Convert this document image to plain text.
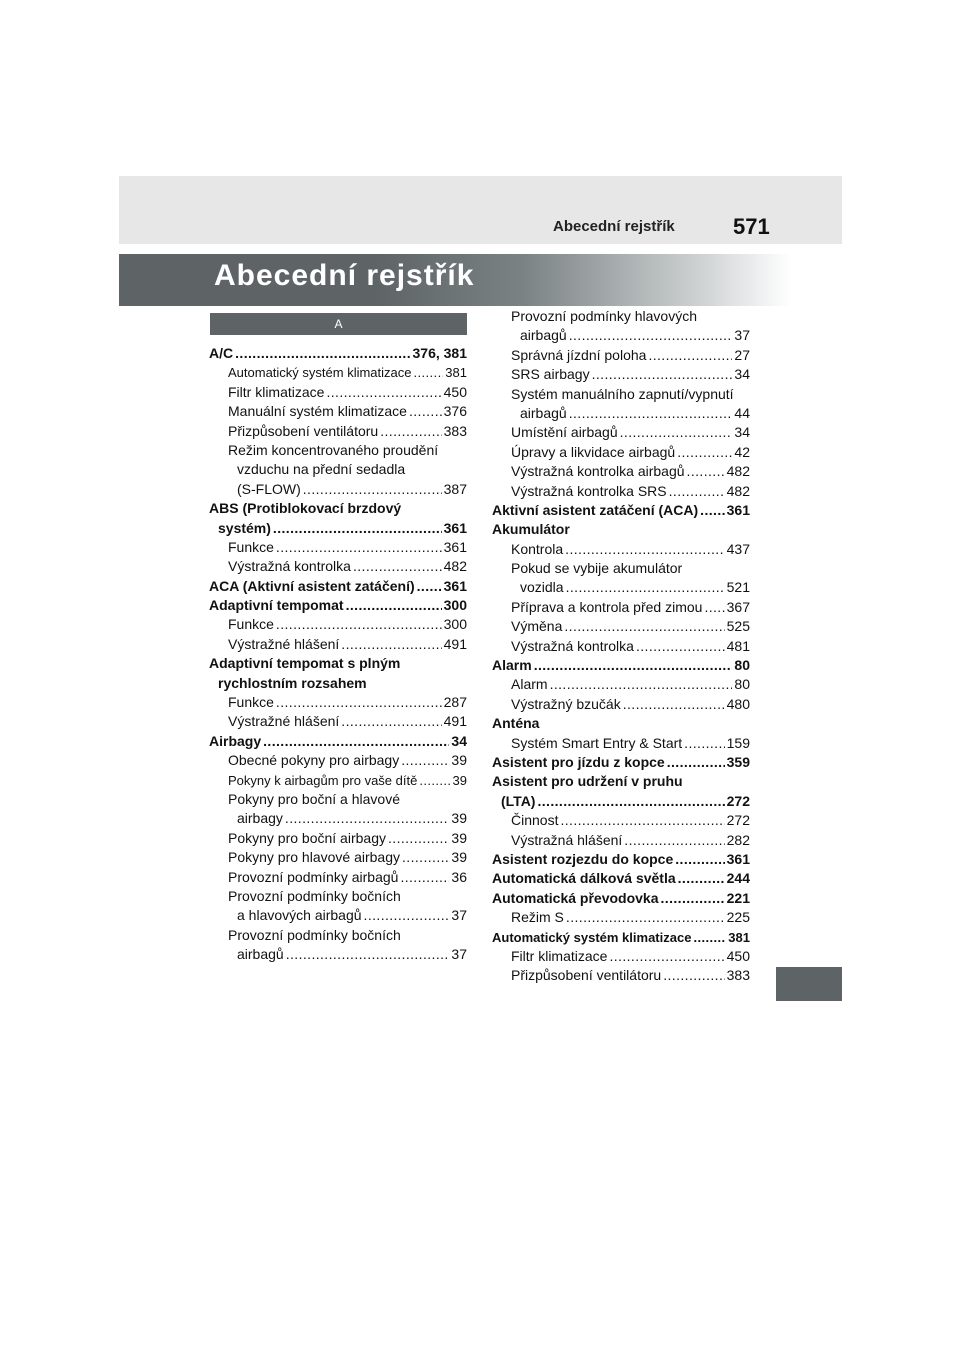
Abecední rejstřík	571
Abecední rejstřík
A
A/C .....	376, 381
Automatický systém klimatizace .....	381
Filtr klimatizace .....	450
Manuální systém klimatizace .....	376
Přizpůsobení ventilátoru .....	383
Režim koncentrovaného proudění
vzduchu na přední sedadla
(S-FLOW) .....	387
ABS (Protiblokovací brzdový
systém) .....	361
Funkce .....	361
Výstražná kontrolka .....	482
ACA (Aktivní asistent zatáčení) ..... 361
Adaptivní tempomat .....	300
Funkce .....	300
Výstražné hlášení .....	491
Adaptivní tempomat s plným
rychlostním rozsahem
Funkce .....	287
Výstražné hlášení .....	491
Airbagy .....	34
Obecné pokyny pro airbagy .....	39
Pokyny k airbagům pro vaše dítě .....	39
Pokyny pro boční a hlavové
airbagy .....	39
Pokyny pro boční airbagy .....	39
Pokyny pro hlavové airbagy .....	39
Provozní podmínky airbagů .....	36
Provozní podmínky bočních
a hlavových airbagů .....	37
Provozní podmínky bočních
airbagů .....	37
Provozní podmínky hlavových
airbagů .....	37
Správná jízdní poloha .....	27
SRS airbagy .....	34
Systém manuálního zapnutí/vypnutí
airbagů .....	44
Umístění airbagů .....	34
Úpravy a likvidace airbagů .....	42
Výstražná kontrolka airbagů .....	482
Výstražná kontrolka SRS .....	482
Aktivní asistent zatáčení (ACA) ..... 361
Akumulátor
Kontrola .....	437
Pokud se vybije akumulátor
vozidla .....	521
Příprava a kontrola před zimou ..... 367
Výměna .....	525
Výstražná kontrolka .....	481
Alarm .....	80
Alarm .....	80
Výstražný bzučák .....	480
Anténa
Systém Smart Entry & Start .....	159
Asistent pro jízdu z kopce .....	359
Asistent pro udržení v pruhu
(LTA) .....	272
Činnost .....	272
Výstražná hlášení .....	282
Asistent rozjezdu do kopce .....	361
Automatická dálková světla .....	244
Automatická převodovka .....	221
Režim S .....	225
Automatický systém klimatizace .....	381
Filtr klimatizace .....	450
Přizpůsobení ventilátoru .....	383
